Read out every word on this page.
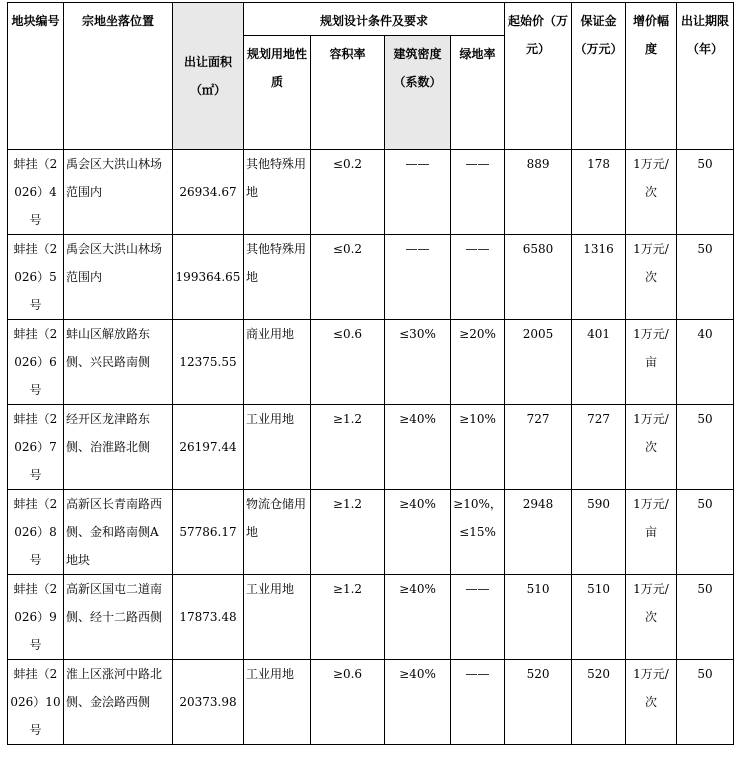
地块编号	宗地坐落位置	出让面积（㎡）	规划设计条件及要求				起始价（万元）	保证金（万元）	增价幅度	出让期限（年）
			规划用地性质	容积率	建筑密度（系数）	绿地率				
蚌挂（2026）4号	禹会区大洪山林场范围内	26934.67	其他特殊用地	≤0.2	——	——	889	178	1万元/次	50
蚌挂（2026）5号	禹会区大洪山林场范围内	199364.65	其他特殊用地	≤0.2	——	——	6580	1316	1万元/次	50
蚌挂（2026）6号	蚌山区解放路东侧、兴民路南侧	12375.55	商业用地	≤0.6	≤30%	≥20%	2005	401	1万元/亩	40
蚌挂（2026）7号	经开区龙津路东侧、治淮路北侧	26197.44	工业用地	≥1.2	≥40%	≥10%	727	727	1万元/次	50
蚌挂（2026）8号	高新区长青南路西侧、金和路南侧A地块	57786.17	物流仓储用地	≥1.2	≥40%	≥10%，≤15%	2948	590	1万元/亩	50
蚌挂（2026）9号	高新区国屯二道南侧、经十二路西侧	17873.48	工业用地	≥1.2	≥40%	——	510	510	1万元/次	50
蚌挂（2026）10号	淮上区涨河中路北侧、金浍路西侧	20373.98	工业用地	≥0.6	≥40%	——	520	520	1万元/次	50
